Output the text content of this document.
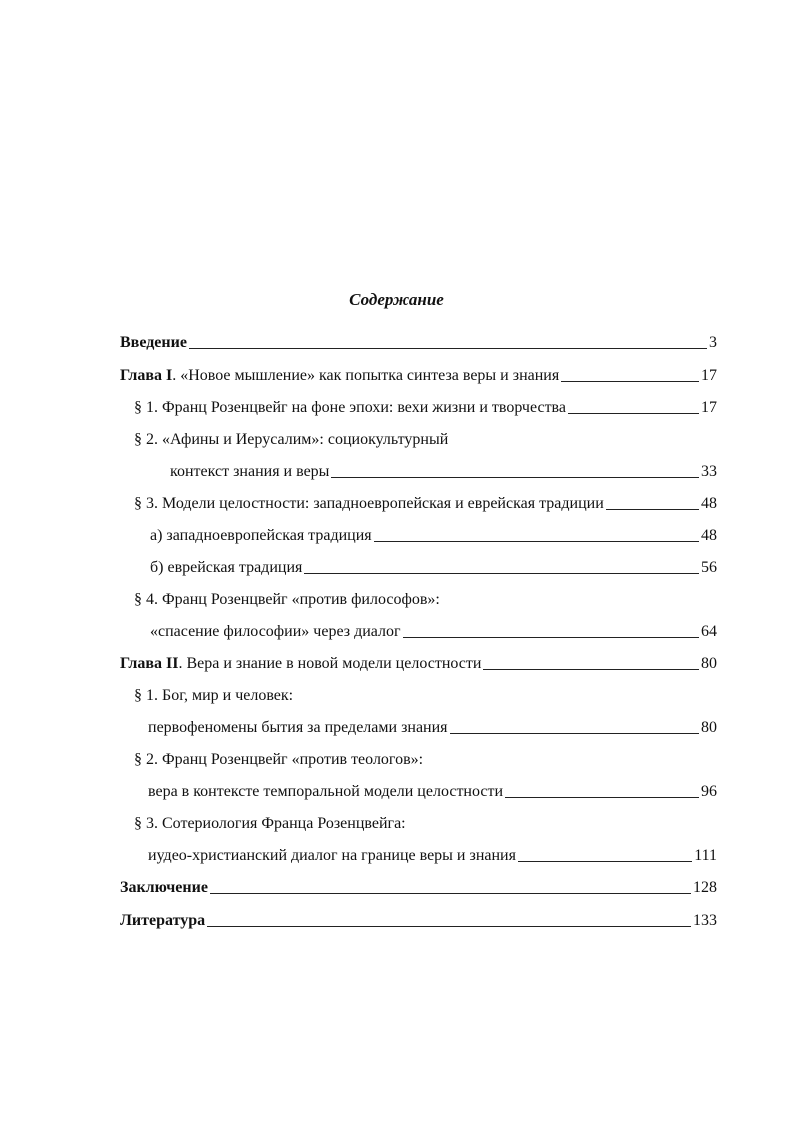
Содержание
Введение	3
Глава I. «Новое мышление» как попытка синтеза веры и знания	17
§ 1. Франц Розенцвейг на фоне эпохи: вехи жизни и творчества	17
§ 2. «Афины и Иерусалим»: социокультурный
контекст знания и веры	33
§ 3. Модели целостности: западноевропейская и еврейская традиции	48
а) западноевропейская традиция	48
б) еврейская традиция	56
§ 4. Франц Розенцвейг «против философов»:
«спасение философии» через диалог	64
Глава II. Вера и знание в новой модели целостности	80
§ 1. Бог, мир и человек:
первофеномены бытия за пределами знания	80
§ 2. Франц Розенцвейг «против теологов»:
вера в контексте темпоральной модели целостности	96
§ 3. Сотериология Франца Розенцвейга:
иудео-христианский диалог на границе веры и знания	111
Заключение	128
Литература	133
